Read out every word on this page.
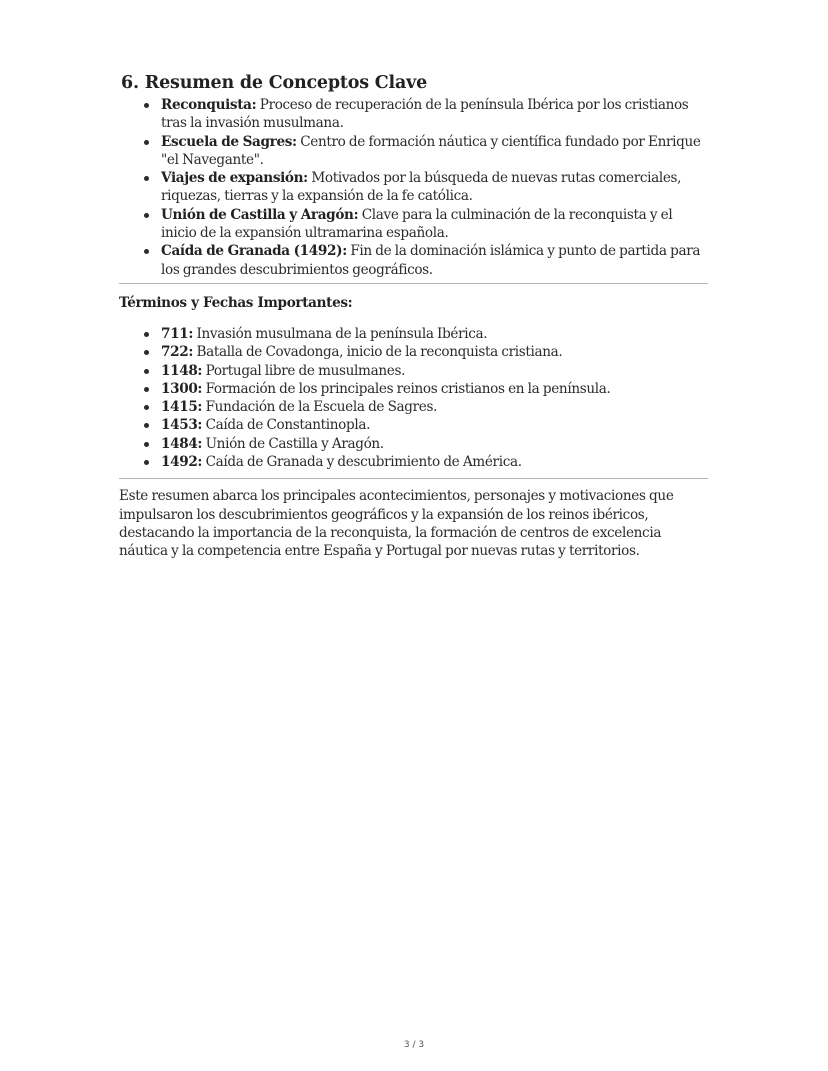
6. Resumen de Conceptos Clave
Reconquista: Proceso de recuperación de la península Ibérica por los cristianos tras la invasión musulmana.
Escuela de Sagres: Centro de formación náutica y científica fundado por Enrique "el Navegante".
Viajes de expansión: Motivados por la búsqueda de nuevas rutas comerciales, riquezas, tierras y la expansión de la fe católica.
Unión de Castilla y Aragón: Clave para la culminación de la reconquista y el inicio de la expansión ultramarina española.
Caída de Granada (1492): Fin de la dominación islámica y punto de partida para los grandes descubrimientos geográficos.

Términos y Fechas Importantes:

711: Invasión musulmana de la península Ibérica.
722: Batalla de Covadonga, inicio de la reconquista cristiana.
1148: Portugal libre de musulmanes.
1300: Formación de los principales reinos cristianos en la península.
1415: Fundación de la Escuela de Sagres.
1453: Caída de Constantinopla.
1484: Unión de Castilla y Aragón.
1492: Caída de Granada y descubrimiento de América.

Este resumen abarca los principales acontecimientos, personajes y motivaciones que impulsaron los descubrimientos geográficos y la expansión de los reinos ibéricos, destacando la importancia de la reconquista, la formación de centros de excelencia náutica y la competencia entre España y Portugal por nuevas rutas y territorios.

3 / 3
